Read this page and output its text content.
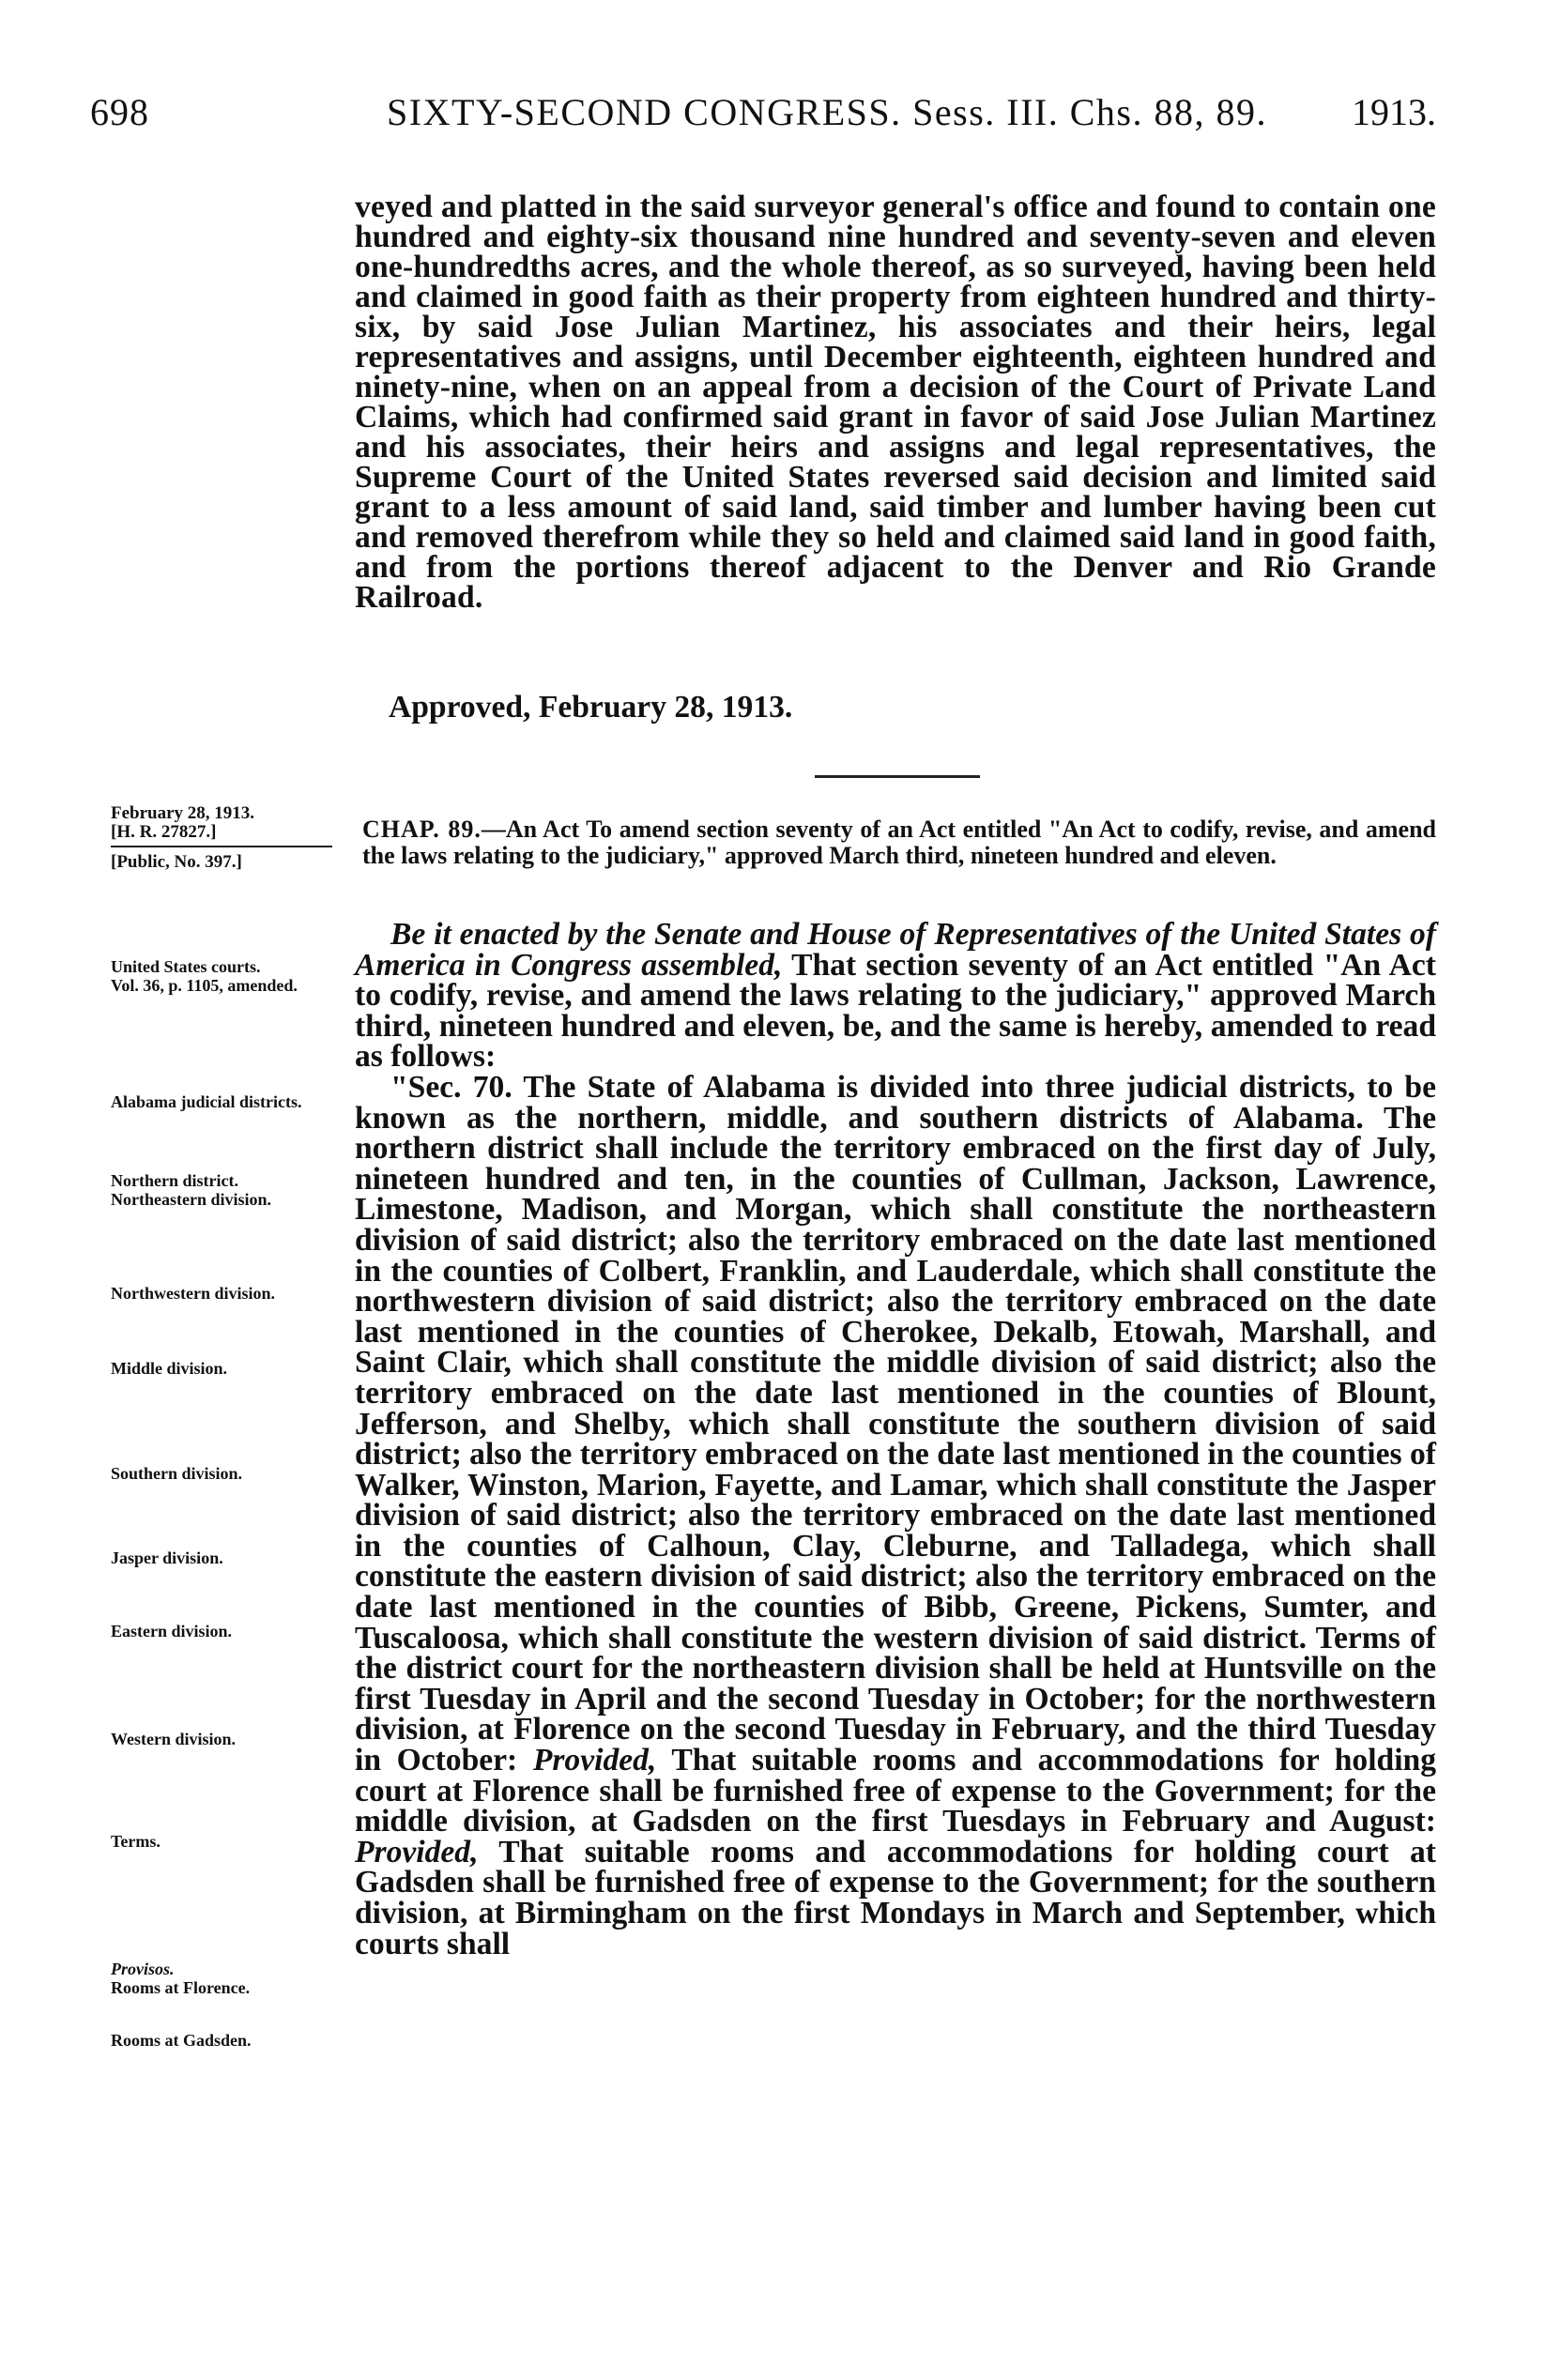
698	SIXTY-SECOND CONGRESS. Sess. III. Chs. 88, 89. 1913.

veyed and platted in the said surveyor general's office and found to contain one hundred and eighty-six thousand nine hundred and seventy-seven and eleven one-hundredths acres, and the whole thereof, as so surveyed, having been held and claimed in good faith as their property from eighteen hundred and thirty-six, by said Jose Julian Martinez, his associates and their heirs, legal representatives and assigns, until December eighteenth, eighteen hundred and ninety-nine, when on an appeal from a decision of the Court of Private Land Claims, which had confirmed said grant in favor of said Jose Julian Martinez and his associates, their heirs and assigns and legal representatives, the Supreme Court of the United States reversed said decision and limited said grant to a less amount of said land, said timber and lumber having been cut and removed therefrom while they so held and claimed said land in good faith, and from the portions thereof adjacent to the Denver and Rio Grande Railroad.

Approved, February 28, 1913.

February 28, 1913.
[H. R. 27827.]
[Public, No. 397.]
CHAP. 89.—An Act To amend section seventy of an Act entitled "An Act to codify, revise, and amend the laws relating to the judiciary," approved March third, nineteen hundred and eleven.

Be it enacted by the Senate and House of Representatives of the United States of America in Congress assembled, That section seventy of an Act entitled "An Act to codify, revise, and amend the laws relating to the judiciary," approved March third, nineteen hundred and eleven, be, and the same is hereby, amended to read as follows:

"Sec. 70. The State of Alabama is divided into three judicial districts, to be known as the northern, middle, and southern districts of Alabama. The northern district shall include the territory embraced on the first day of July, nineteen hundred and ten, in the counties of Cullman, Jackson, Lawrence, Limestone, Madison, and Morgan, which shall constitute the northeastern division of said district; also the territory embraced on the date last mentioned in the counties of Colbert, Franklin, and Lauderdale, which shall constitute the northwestern division of said district; also the territory embraced on the date last mentioned in the counties of Cherokee, Dekalb, Etowah, Marshall, and Saint Clair, which shall constitute the middle division of said district; also the territory embraced on the date last mentioned in the counties of Blount, Jefferson, and Shelby, which shall constitute the southern division of said district; also the territory embraced on the date last mentioned in the counties of Walker, Winston, Marion, Fayette, and Lamar, which shall constitute the Jasper division of said district; also the territory embraced on the date last mentioned in the counties of Calhoun, Clay, Cleburne, and Talladega, which shall constitute the eastern division of said district; also the territory embraced on the date last mentioned in the counties of Bibb, Greene, Pickens, Sumter, and Tuscaloosa, which shall constitute the western division of said district. Terms of the district court for the northeastern division shall be held at Huntsville on the first Tuesday in April and the second Tuesday in October; for the northwestern division, at Florence on the second Tuesday in February, and the third Tuesday in October: Provided, That suitable rooms and accommodations for holding court at Florence shall be furnished free of expense to the Government; for the middle division, at Gadsden on the first Tuesdays in February and August: Provided, That suitable rooms and accommodations for holding court at Gadsden shall be furnished free of expense to the Government; for the southern division, at Birmingham on the first Mondays in March and September, which courts shall

United States courts.
Vol. 36, p. 1105, amended.
Alabama judicial districts.
Northern district.
Northeastern division.
Northwestern division.
Middle division.
Southern division.
Jasper division.
Eastern division.
Western division.
Terms.
Provisos.
Rooms at Florence.
Rooms at Gadsden.
